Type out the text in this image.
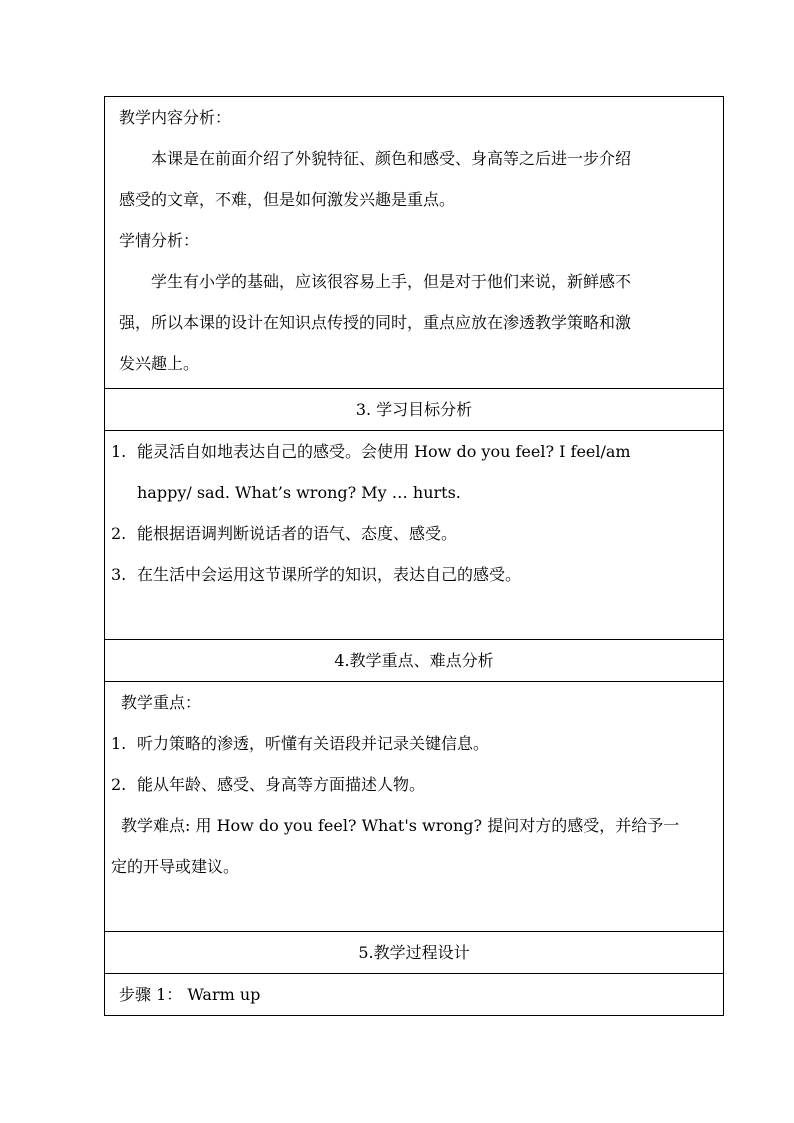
教学内容分析：
本课是在前面介绍了外貌特征、颜色和感受、身高等之后进一步介绍
感受的文章，不难，但是如何激发兴趣是重点。
学情分析：
学生有小学的基础，应该很容易上手，但是对于他们来说，新鲜感不
强，所以本课的设计在知识点传授的同时，重点应放在渗透教学策略和激
发兴趣上。

3. 学习目标分析

1. 能灵活自如地表达自己的感受。会使用 How do you feel? I feel/am
happy/ sad. What’s wrong? My … hurts.
2. 能根据语调判断说话者的语气、态度、感受。
3. 在生活中会运用这节课所学的知识，表达自己的感受。

4.教学重点、难点分析

教学重点：
1. 听力策略的渗透，听懂有关语段并记录关键信息。
2. 能从年龄、感受、身高等方面描述人物。
教学难点: 用 How do you feel? What's wrong? 提问对方的感受，并给予一
定的开导或建议。

5.教学过程设计

步骤 1： Warm up
